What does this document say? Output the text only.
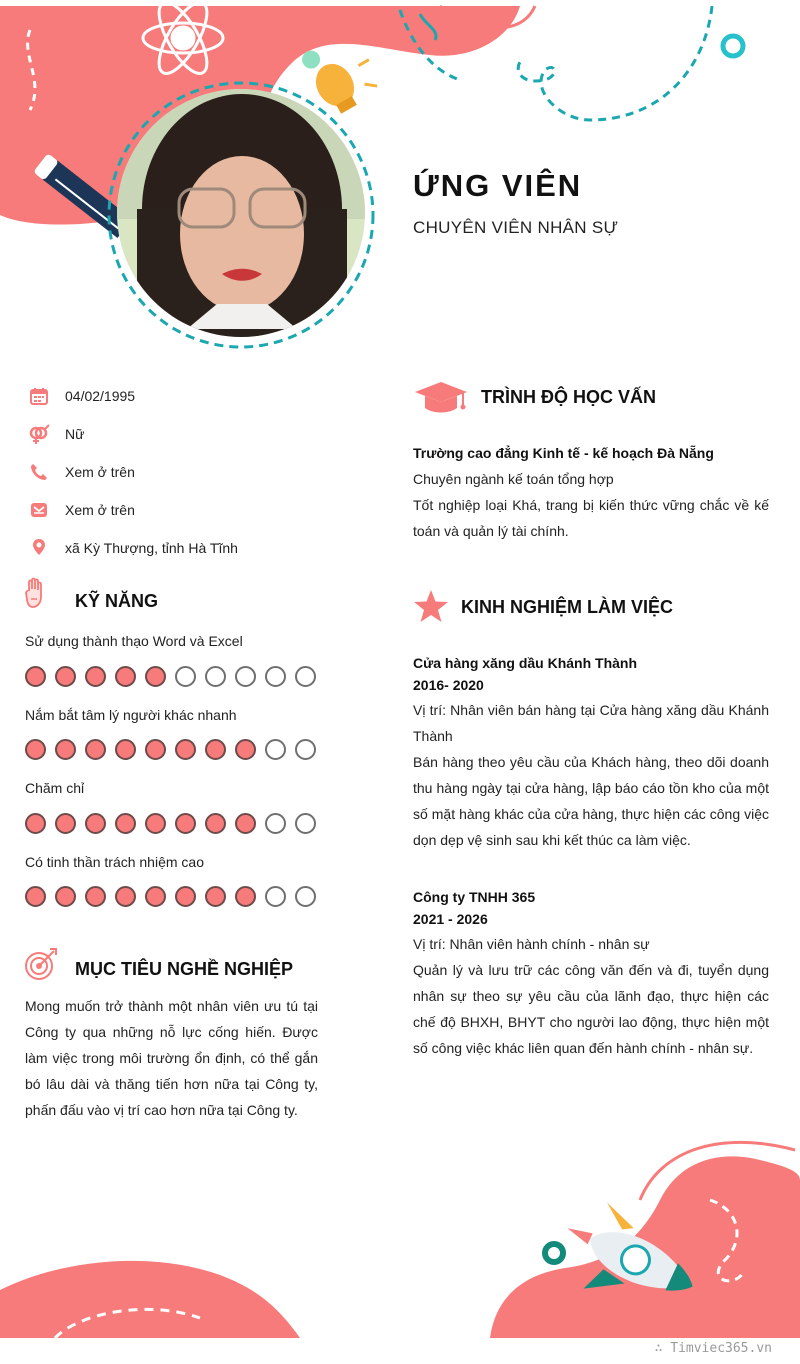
ỨNG VIÊN
CHUYÊN VIÊN NHÂN SỰ
04/02/1995
Nữ
Xem ở trên
Xem ở trên
xã Kỳ Thượng, tỉnh Hà Tĩnh
KỸ NĂNG
Sử dụng thành thạo Word và Excel
Nắm bắt tâm lý người khác nhanh
Chăm chỉ
Có tinh thần trách nhiệm cao
MỤC TIÊU NGHỀ NGHIỆP
Mong muốn trở thành một nhân viên ưu tú tại Công ty qua những nỗ lực cống hiến. Được làm việc trong môi trường ổn định, có thể gắn bó lâu dài và thăng tiến hơn nữa tại Công ty, phấn đấu vào vị trí cao hơn nữa tại Công ty.
TRÌNH ĐỘ HỌC VẤN
Trường cao đẳng Kinh tế - kế hoạch Đà Nẵng
Chuyên ngành kế toán tổng hợp
Tốt nghiệp loại Khá, trang bị kiến thức vững chắc về kế toán và quản lý tài chính.
KINH NGHIỆM LÀM VIỆC
Cửa hàng xăng dầu Khánh Thành
2016- 2020
Vị trí: Nhân viên bán hàng tại Cửa hàng xăng dầu Khánh Thành
Bán hàng theo yêu cầu của Khách hàng, theo dõi doanh thu hàng ngày tại cửa hàng, lập báo cáo tồn kho của một số mặt hàng khác của cửa hàng, thực hiện các công việc dọn dẹp vệ sinh sau khi kết thúc ca làm việc.
Công ty TNHH 365
2021 - 2026
Vị trí: Nhân viên hành chính - nhân sự
Quản lý và lưu trữ các công văn đến và đi, tuyển dụng nhân sự theo sự yêu cầu của lãnh đạo, thực hiện các chế độ BHXH, BHYT cho người lao động, thực hiện một số công việc khác liên quan đến hành chính - nhân sự.
∴ Timviec365.vn
